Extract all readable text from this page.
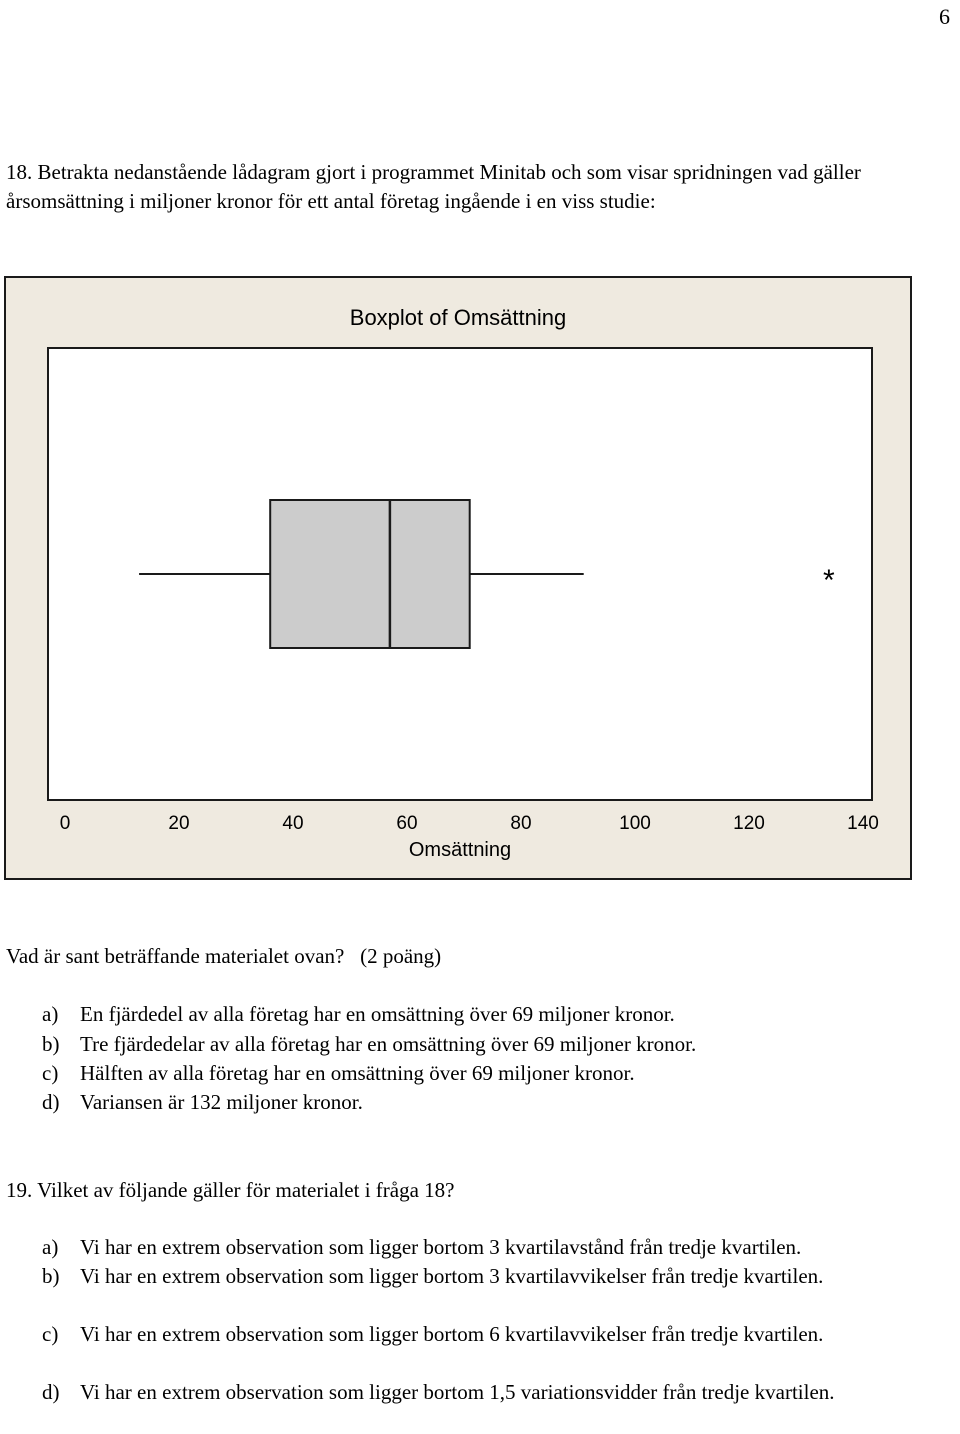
6
18. Betrakta nedanstående lådagram gjort i programmet Minitab och som visar spridningen vad gäller årsomsättning i miljoner kronor för ett antal företag ingående i en viss studie:
Boxplot of Omsättning
*
0	20	40	60	80	100	120	140
Omsättning
Vad är sant beträffande materialet ovan? (2 poäng)
a) En fjärdedel av alla företag har en omsättning över 69 miljoner kronor.
b) Tre fjärdedelar av alla företag har en omsättning över 69 miljoner kronor.
c) Hälften av alla företag har en omsättning över 69 miljoner kronor.
d) Variansen är 132 miljoner kronor.
19. Vilket av följande gäller för materialet i fråga 18?
a) Vi har en extrem observation som ligger bortom 3 kvartilavstånd från tredje kvartilen.
b) Vi har en extrem observation som ligger bortom 3 kvartilavvikelser från tredje kvartilen.
c) Vi har en extrem observation som ligger bortom 6 kvartilavvikelser från tredje kvartilen.
d) Vi har en extrem observation som ligger bortom 1,5 variationsvidder från tredje kvartilen.
